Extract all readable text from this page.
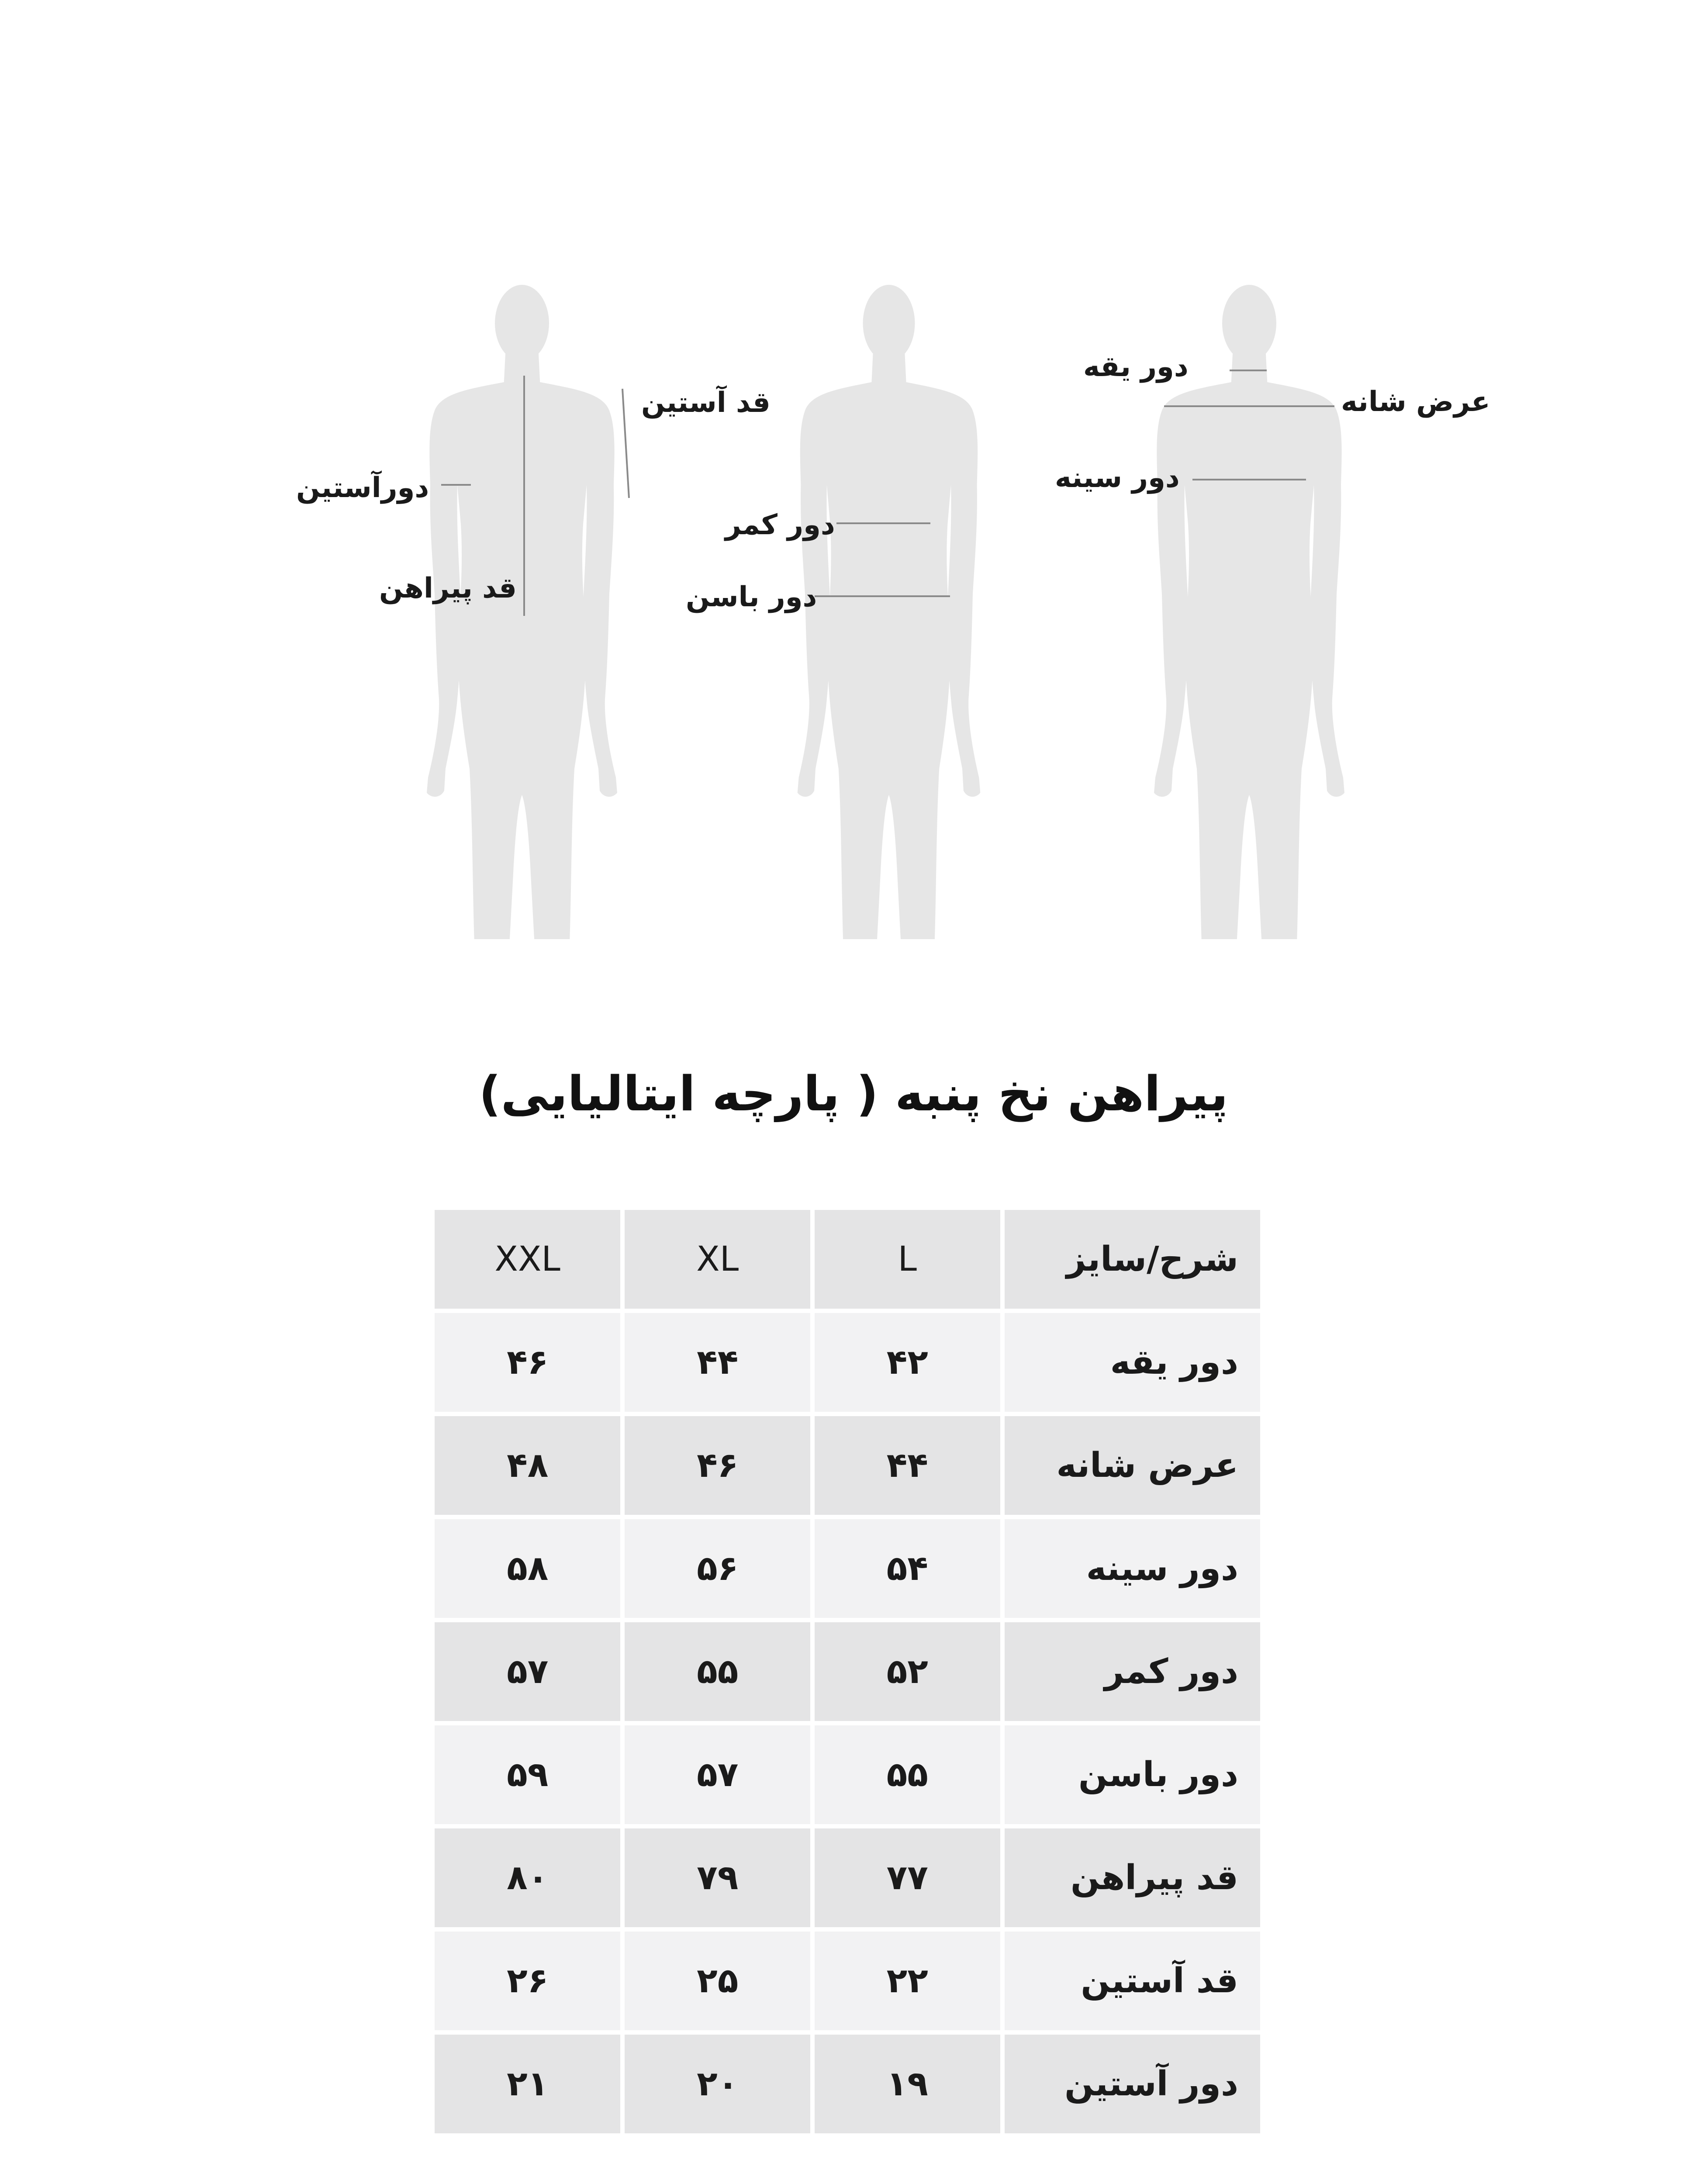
قد آستین
دورآستین
قد پیراهن
دور کمر
دور باسن
دور یقه
عرض شانه
دور سینه
پیراهن نخ پنبه ( پارچه ایتالیایی)
XXL	XL	L	شرح/سایز
۴۶	۴۴	۴۲	دور یقه
۴۸	۴۶	۴۴	عرض شانه
۵۸	۵۶	۵۴	دور سینه
۵۷	۵۵	۵۲	دور کمر
۵۹	۵۷	۵۵	دور باسن
۸۰	۷۹	۷۷	قد پیراهن
۲۶	۲۵	۲۲	قد آستین
۲۱	۲۰	۱۹	دور آستین
